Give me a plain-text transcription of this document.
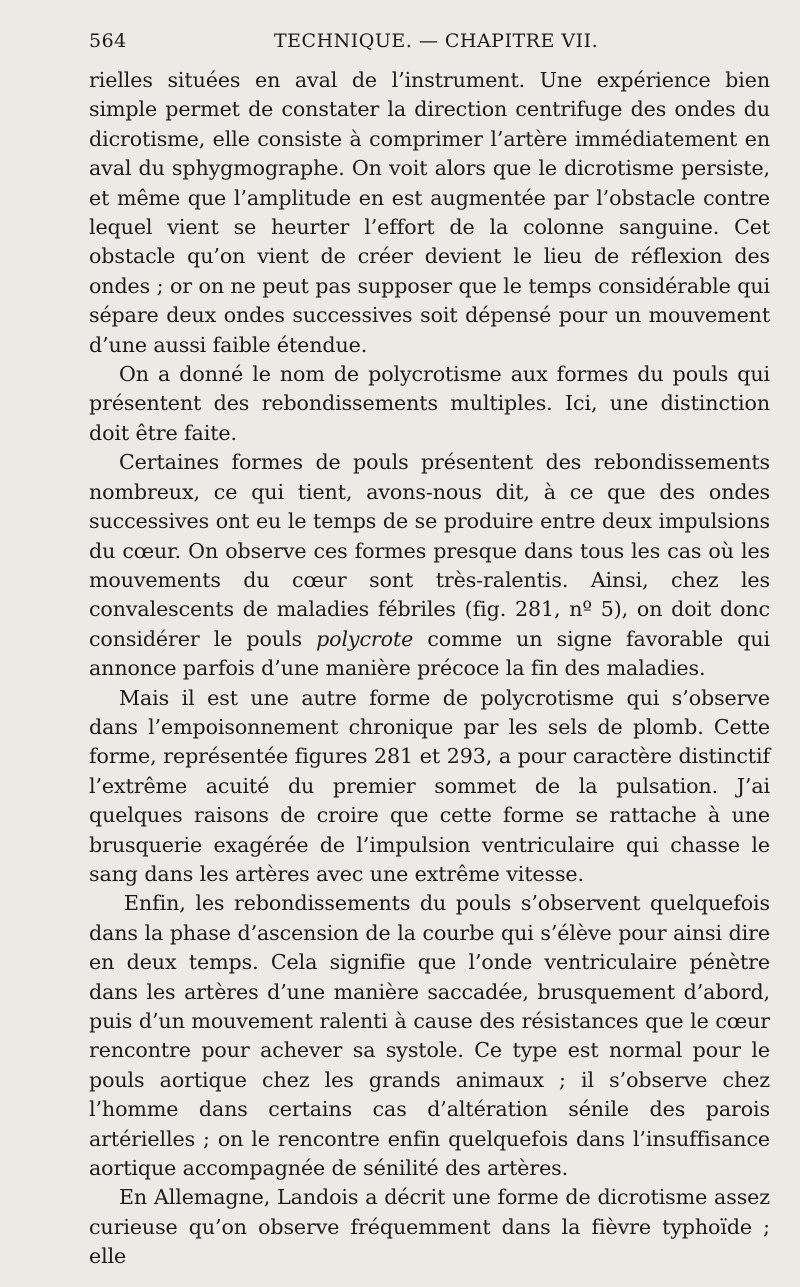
564	TECHNIQUE. — CHAPITRE VII.

rielles situées en aval de l’instrument. Une expérience bien simple permet de constater la direction centrifuge des ondes du dicrotisme, elle consiste à comprimer l’artère immédiatement en aval du sphygmographe. On voit alors que le dicrotisme persiste, et même que l’amplitude en est augmentée par l’obstacle contre lequel vient se heurter l’effort de la colonne sanguine. Cet obstacle qu’on vient de créer devient le lieu de réflexion des ondes ; or on ne peut pas supposer que le temps considérable qui sépare deux ondes successives soit dépensé pour un mouvement d’une aussi faible étendue.

On a donné le nom de polycrotisme aux formes du pouls qui présentent des rebondissements multiples. Ici, une distinction doit être faite.

Certaines formes de pouls présentent des rebondissements nombreux, ce qui tient, avons-nous dit, à ce que des ondes successives ont eu le temps de se produire entre deux impulsions du cœur. On observe ces formes presque dans tous les cas où les mouvements du cœur sont très-ralentis. Ainsi, chez les convalescents de maladies fébriles (fig. 281, nº 5), on doit donc considérer le pouls polycrote comme un signe favorable qui annonce parfois d’une manière précoce la fin des maladies.

Mais il est une autre forme de polycrotisme qui s’observe dans l’empoisonnement chronique par les sels de plomb. Cette forme, représentée figures 281 et 293, a pour caractère distinctif l’extrême acuité du premier sommet de la pulsation. J’ai quelques raisons de croire que cette forme se rattache à une brusquerie exagérée de l’impulsion ventriculaire qui chasse le sang dans les artères avec une extrême vitesse.

Enfin, les rebondissements du pouls s’observent quelquefois dans la phase d’ascension de la courbe qui s’élève pour ainsi dire en deux temps. Cela signifie que l’onde ventriculaire pénètre dans les artères d’une manière saccadée, brusquement d’abord, puis d’un mouvement ralenti à cause des résistances que le cœur rencontre pour achever sa systole. Ce type est normal pour le pouls aortique chez les grands animaux ; il s’observe chez l’homme dans certains cas d’altération sénile des parois artérielles ; on le rencontre enfin quelquefois dans l’insuffisance aortique accompagnée de sénilité des artères.

En Allemagne, Landois a décrit une forme de dicrotisme assez curieuse qu’on observe fréquemment dans la fièvre typhoïde ; elle
